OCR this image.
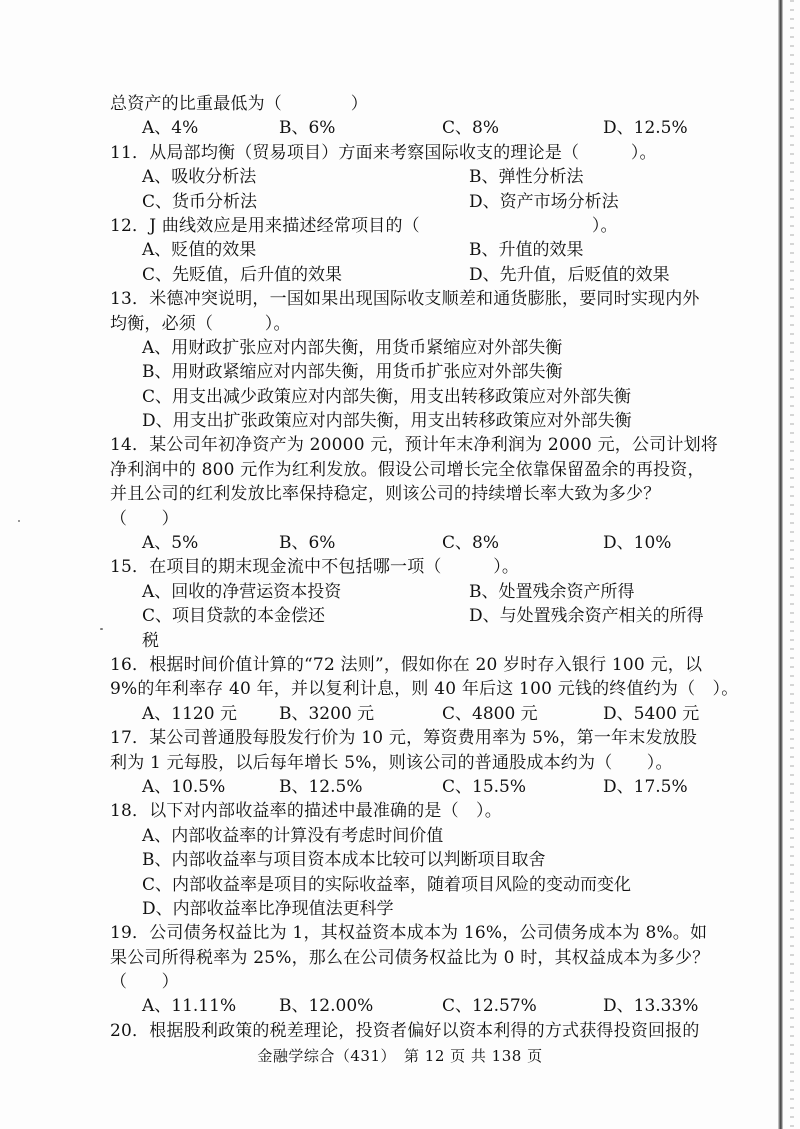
总资产的比重最低为（　　　　）
A、4%	B、6%	C、8%	D、12.5%
11．从局部均衡（贸易项目）方面来考察国际收支的理论是（　　　）。
A、吸收分析法	B、弹性分析法
C、货币分析法	D、资产市场分析法
12．J 曲线效应是用来描述经常项目的（　　　　　　　　　　）。
A、贬值的效果	B、升值的效果
C、先贬值，后升值的效果	D、先升值，后贬值的效果
13．米德冲突说明，一国如果出现国际收支顺差和通货膨胀，要同时实现内外
均衡，必须（　　　）。
A、用财政扩张应对内部失衡，用货币紧缩应对外部失衡
B、用财政紧缩应对内部失衡，用货币扩张应对外部失衡
C、用支出减少政策应对内部失衡，用支出转移政策应对外部失衡
D、用支出扩张政策应对内部失衡，用支出转移政策应对外部失衡
14．某公司年初净资产为 20000 元，预计年末净利润为 2000 元，公司计划将
净利润中的 800 元作为红利发放。假设公司增长完全依靠保留盈余的再投资，
并且公司的红利发放比率保持稳定，则该公司的持续增长率大致为多少？
（　　）
A、5%	B、6%	C、8%	D、10%
15．在项目的期末现金流中不包括哪一项（　　　）。
A、回收的净营运资本投资	B、处置残余资产所得
C、项目贷款的本金偿还	D、与处置残余资产相关的所得
税
16．根据时间价值计算的“72 法则”，假如你在 20 岁时存入银行 100 元，以
9%的年利率存 40 年，并以复利计息，则 40 年后这 100 元钱的终值约为（　）。
A、1120 元	B、3200 元	C、4800 元	D、5400 元
17．某公司普通股每股发行价为 10 元，筹资费用率为 5%，第一年末发放股
利为 1 元每股，以后每年增长 5%，则该公司的普通股成本约为（　　）。
A、10.5%	B、12.5%	C、15.5%	D、17.5%
18．以下对内部收益率的描述中最准确的是（　）。
A、内部收益率的计算没有考虑时间价值
B、内部收益率与项目资本成本比较可以判断项目取舍
C、内部收益率是项目的实际收益率，随着项目风险的变动而变化
D、内部收益率比净现值法更科学
19．公司债务权益比为 1，其权益资本成本为 16%，公司债务成本为 8%。如
果公司所得税率为 25%，那么在公司债务权益比为 0 时，其权益成本为多少？
（　　）
A、11.11%	B、12.00%	C、12.57%	D、13.33%
20．根据股利政策的税差理论，投资者偏好以资本利得的方式获得投资回报的
金融学综合（431）　第 12 页 共 138 页
